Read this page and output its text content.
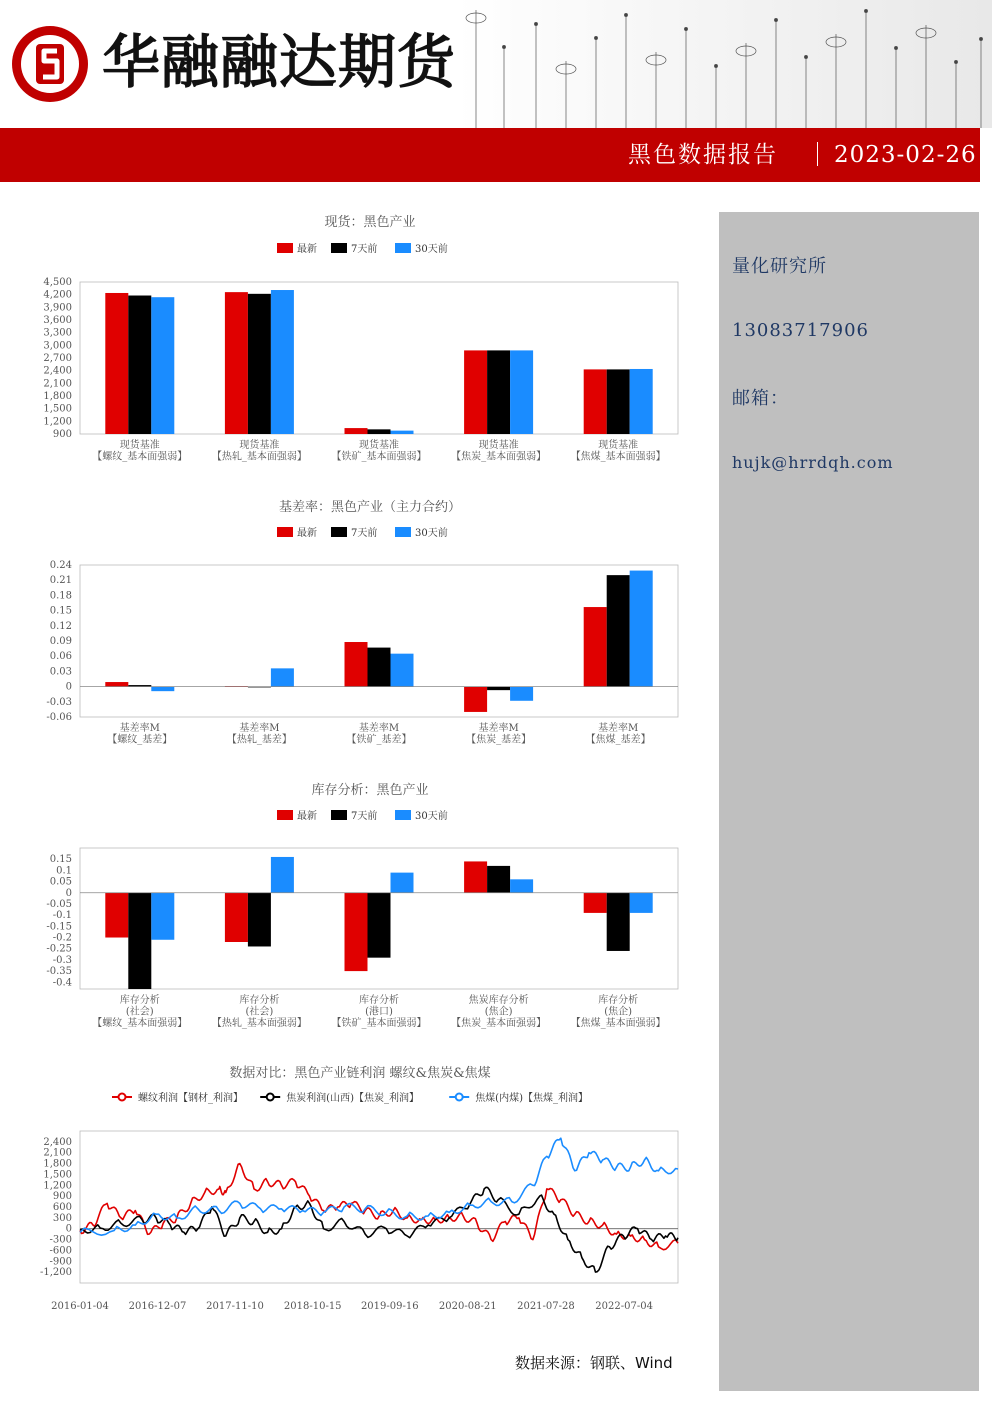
华融融达期货
黑色数据报告 2023-02-26
量化研究所
13083717906
邮箱：
hujk@hrrdqh.com
现货：黑色产业
最新	7天前	30天前
4,500
4,200
3,900
3,600
3,300
3,000
2,700
2,400
2,100
1,800
1,500
1,200
900
现货基准
【螺纹_基本面强弱】
现货基准
【热轧_基本面强弱】
现货基准
【铁矿_基本面强弱】
现货基准
【焦炭_基本面强弱】
现货基准
【焦煤_基本面强弱】
基差率：黑色产业（主力合约）
最新	7天前	30天前
0.24
0.21
0.18
0.15
0.12
0.09
0.06
0.03
0
-0.03
-0.06
基差率M
【螺纹_基差】
基差率M
【热轧_基差】
基差率M
【铁矿_基差】
基差率M
【焦炭_基差】
基差率M
【焦煤_基差】
库存分析：黑色产业
最新	7天前	30天前
0.15
0.1
0.05
0
-0.05
-0.1
-0.15
-0.2
-0.25
-0.3
-0.35
-0.4
库存分析
(社会)
【螺纹_基本面强弱】
库存分析
(社会)
【热轧_基本面强弱】
库存分析
(港口)
【铁矿_基本面强弱】
焦炭库存分析
(焦企)
【焦炭_基本面强弱】
库存分析
(焦企)
【焦煤_基本面强弱】
数据对比：黑色产业链利润 螺纹&焦炭&焦煤
螺纹利润【钢材_利润】	焦炭利润(山西)【焦炭_利润】	焦煤(内煤)【焦煤_利润】
2,400
2,100
1,800
1,500
1,200
900
600
300
0
-300
-600
-900
-1,200
2016-01-04 2016-12-07 2017-11-10 2018-10-15 2019-09-16 2020-08-21 2021-07-28 2022-07-04
数据来源：钢联、Wind
